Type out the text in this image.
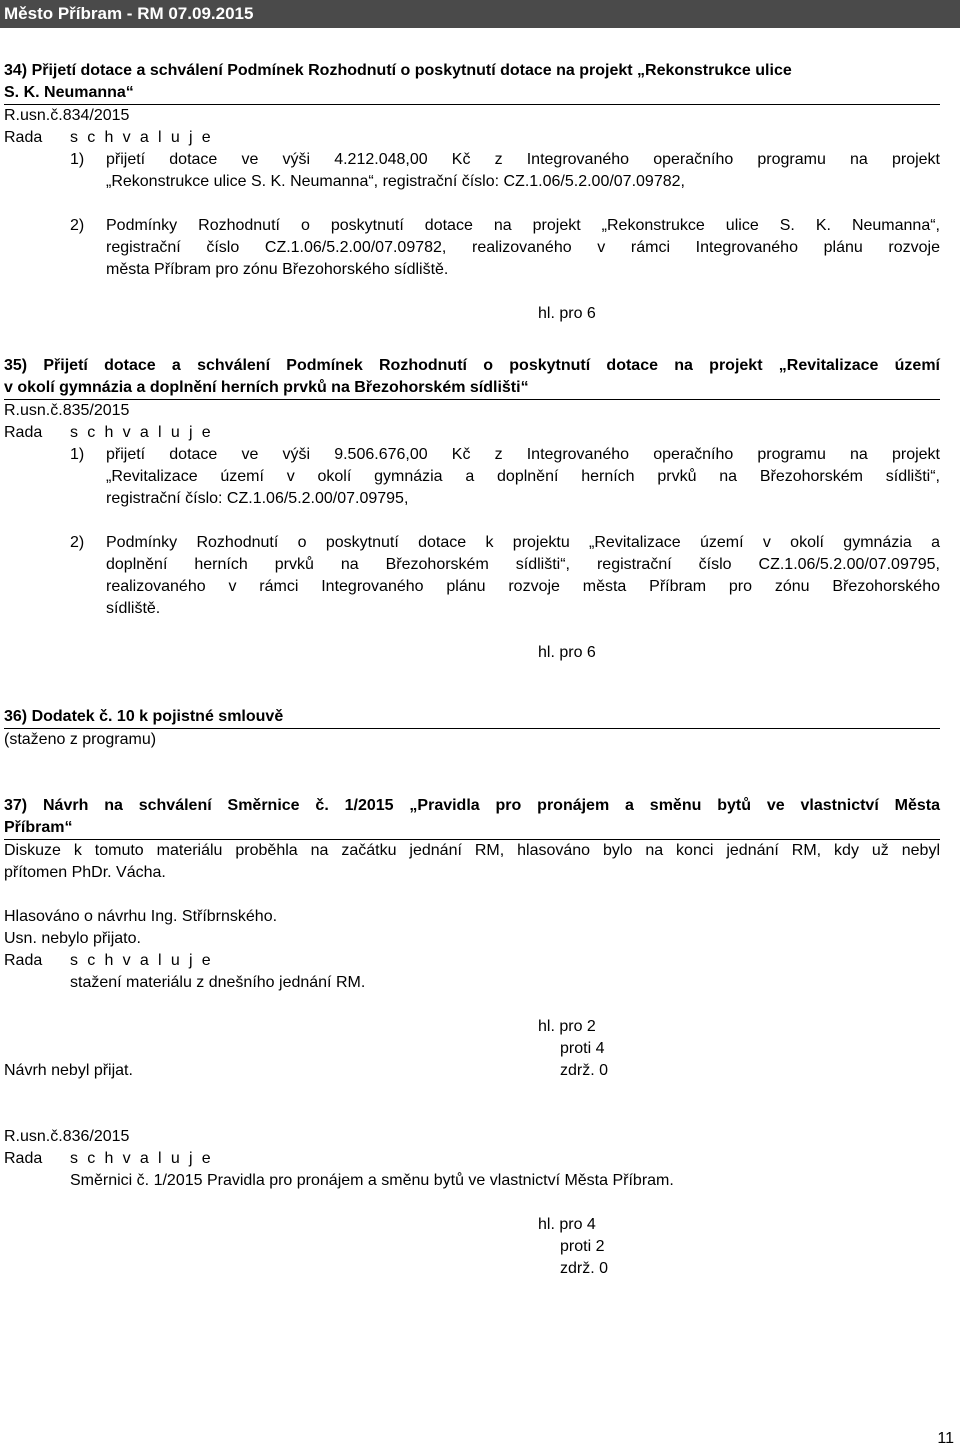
Město Příbram - RM 07.09.2015
34) Přijetí dotace a schválení Podmínek Rozhodnutí o poskytnutí dotace na projekt „Rekonstrukce ulice
S. K. Neumanna“
R.usn.č.834/2015
Rada s c h v a l u j e
1) přijetí dotace ve výši 4.212.048,00 Kč z Integrovaného operačního programu na projekt
„Rekonstrukce ulice S. K. Neumanna“, registrační číslo: CZ.1.06/5.2.00/07.09782,
2) Podmínky Rozhodnutí o poskytnutí dotace na projekt „Rekonstrukce ulice S. K. Neumanna“,
registrační číslo CZ.1.06/5.2.00/07.09782, realizovaného v rámci Integrovaného plánu rozvoje
města Příbram pro zónu Březohorského sídliště.
hl. pro 6
35) Přijetí dotace a schválení Podmínek Rozhodnutí o poskytnutí dotace na projekt „Revitalizace území
v okolí gymnázia a doplnění herních prvků na Březohorském sídlišti“
R.usn.č.835/2015
Rada s c h v a l u j e
1) přijetí dotace ve výši 9.506.676,00 Kč z Integrovaného operačního programu na projekt
„Revitalizace území v okolí gymnázia a doplnění herních prvků na Březohorském sídlišti“,
registrační číslo: CZ.1.06/5.2.00/07.09795,
2) Podmínky Rozhodnutí o poskytnutí dotace k projektu „Revitalizace území v okolí gymnázia a
doplnění herních prvků na Březohorském sídlišti“, registrační číslo CZ.1.06/5.2.00/07.09795,
realizovaného v rámci Integrovaného plánu rozvoje města Příbram pro zónu Březohorského
sídliště.
hl. pro 6
36) Dodatek č. 10 k pojistné smlouvě
(staženo z programu)
37) Návrh na schválení Směrnice č. 1/2015 „Pravidla pro pronájem a směnu bytů ve vlastnictví Města
Příbram“
Diskuze k tomuto materiálu proběhla na začátku jednání RM, hlasováno bylo na konci jednání RM, kdy už nebyl
přítomen PhDr. Vácha.
Hlasováno o návrhu Ing. Stříbrnského.
Usn. nebylo přijato.
Rada s c h v a l u j e
stažení materiálu z dnešního jednání RM.
hl. pro 2
proti 4
Návrh nebyl přijat.	zdrž. 0
R.usn.č.836/2015
Rada s c h v a l u j e
Směrnici č. 1/2015 Pravidla pro pronájem a směnu bytů ve vlastnictví Města Příbram.
hl. pro 4
proti 2
zdrž. 0
11
